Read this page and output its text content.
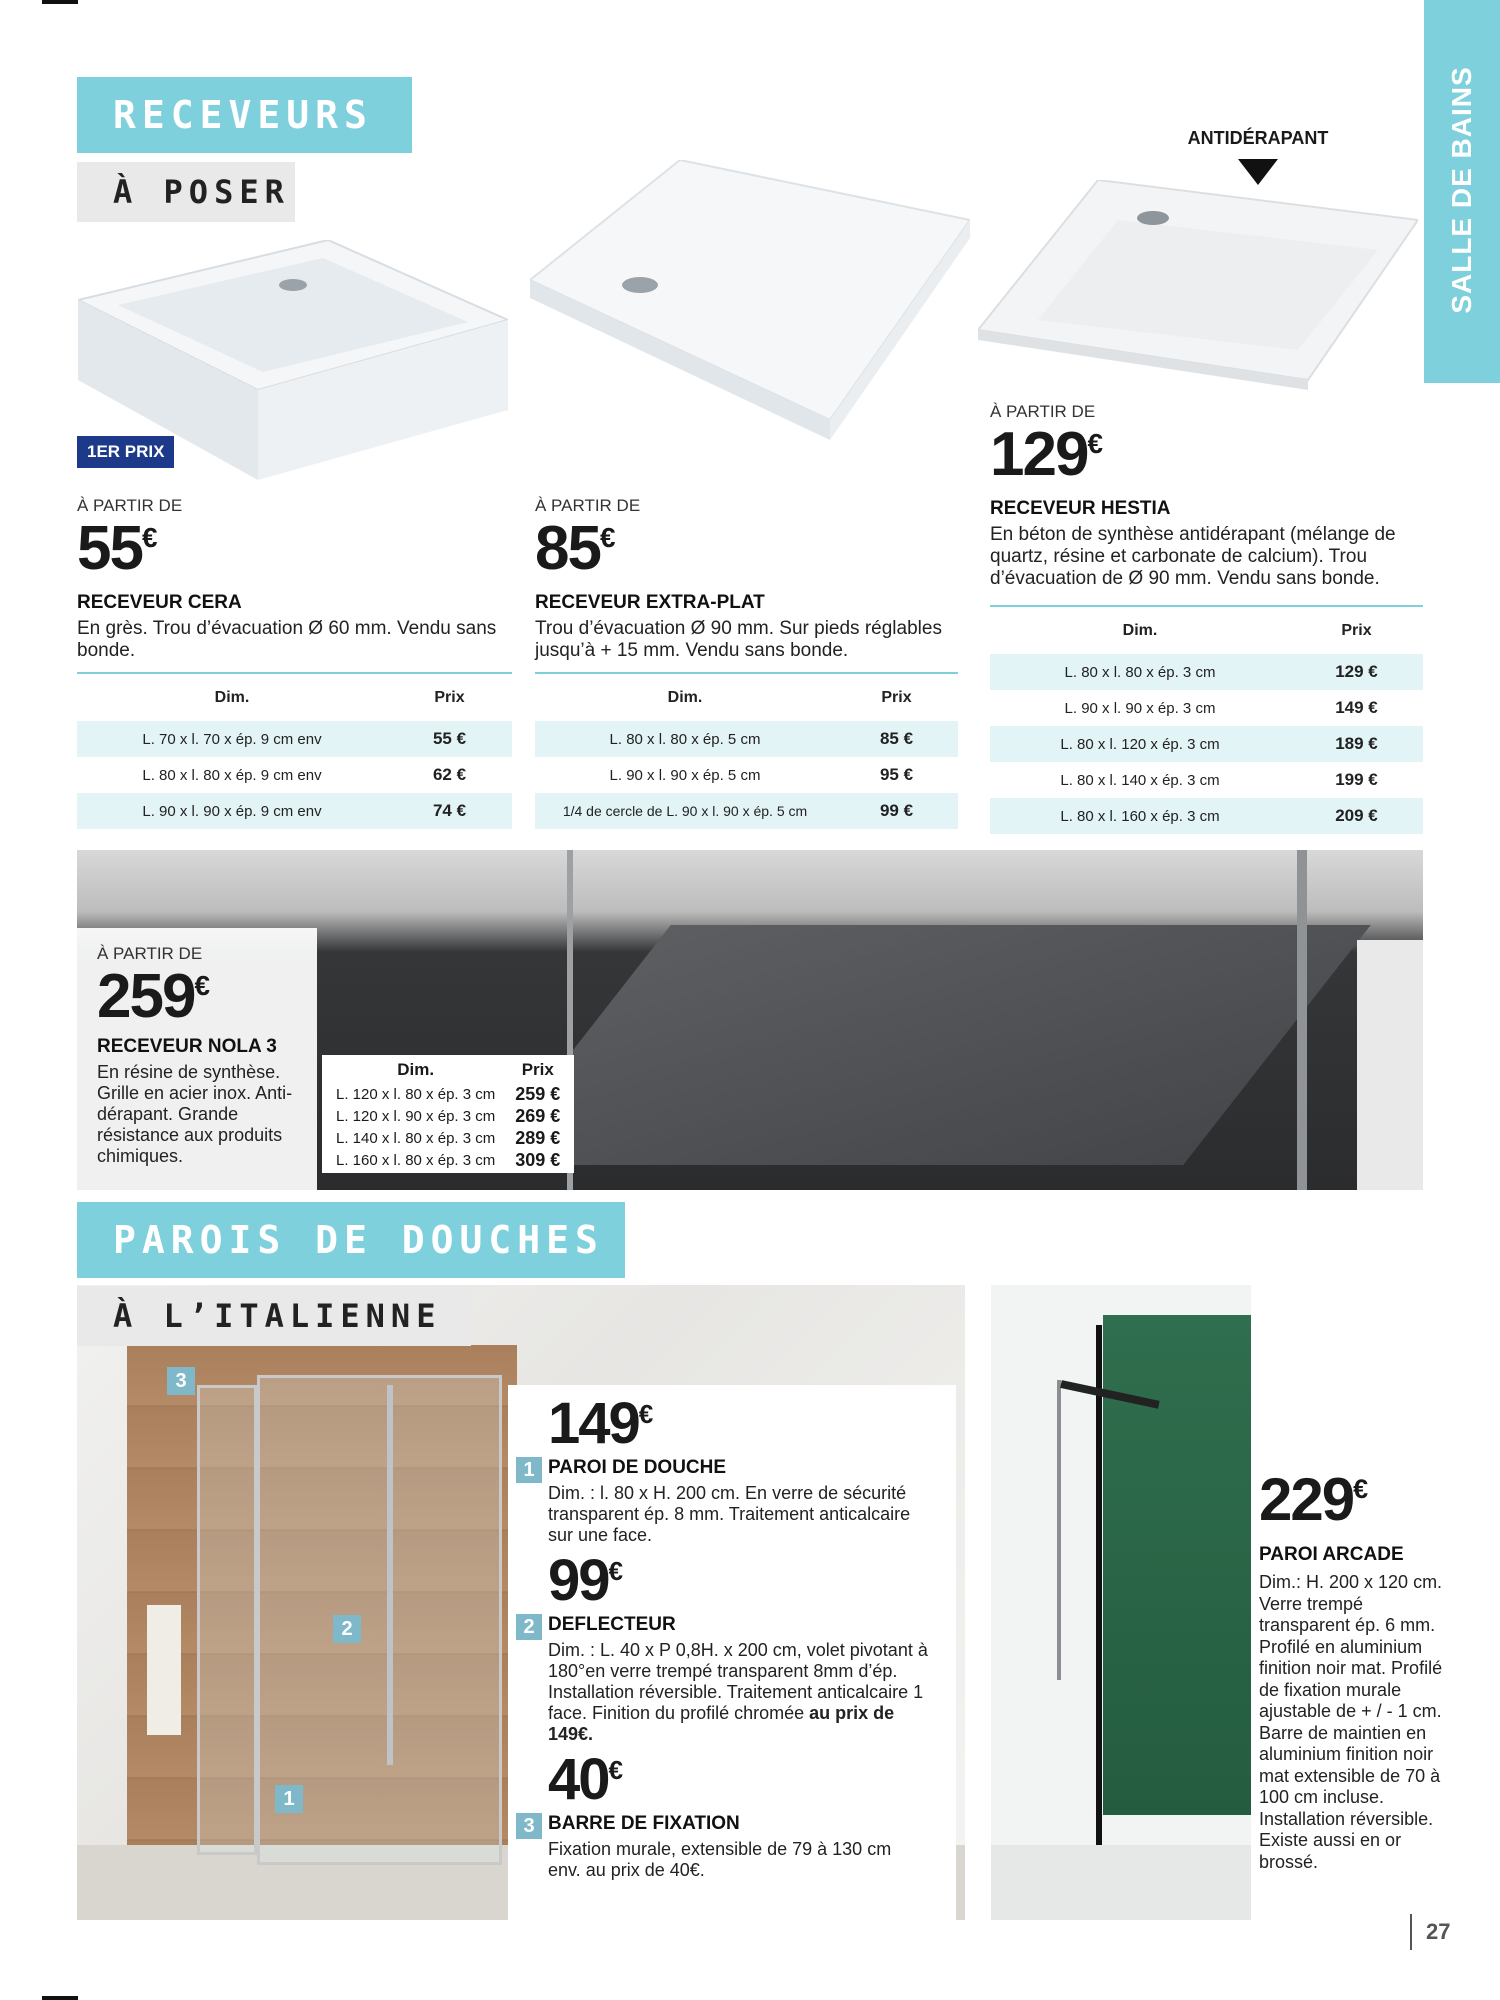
SALLE DE BAINS
RECEVEURS
À POSER
ANTIDÉRAPANT
1ER PRIX
À PARTIR DE
55€
RECEVEUR CERA
En grès. Trou d’évacuation Ø 60 mm. Vendu sans bonde.
Dim.	Prix
L. 70 x l. 70 x ép. 9 cm env	55 €
L. 80 x l. 80 x ép. 9 cm env	62 €
L. 90 x l. 90 x ép. 9 cm env	74 €
À PARTIR DE
85€
RECEVEUR EXTRA-PLAT
Trou d’évacuation Ø 90 mm. Sur pieds réglables jusqu’à + 15 mm. Vendu sans bonde.
Dim.	Prix
L. 80 x l. 80 x ép. 5 cm	85 €
L. 90 x l. 90 x ép. 5 cm	95 €
1/4 de cercle de L. 90 x l. 90 x ép. 5 cm	99 €
À PARTIR DE
129€
RECEVEUR HESTIA
En béton de synthèse antidérapant (mélange de quartz, résine et carbonate de calcium). Trou d’évacuation de Ø 90 mm. Vendu sans bonde.
Dim.	Prix
L. 80 x l. 80 x ép. 3 cm	129 €
L. 90 x l. 90 x ép. 3 cm	149 €
L. 80 x l. 120 x ép. 3 cm	189 €
L. 80 x l. 140 x ép. 3 cm	199 €
L. 80 x l. 160 x ép. 3 cm	209 €
À PARTIR DE
259€
RECEVEUR NOLA 3
En résine de synthèse. Grille en acier inox. Anti-dérapant. Grande résistance aux produits chimiques.
Dim.	Prix
L. 120 x l. 80 x ép. 3 cm	259 €
L. 120 x l. 90 x ép. 3 cm	269 €
L. 140 x l. 80 x ép. 3 cm	289 €
L. 160 x l. 80 x ép. 3 cm	309 €
PAROIS DE DOUCHES
3
2
1
À L’ITALIENNE
149€
1 PAROI DE DOUCHE
Dim. : l. 80 x H. 200 cm. En verre de sécurité transparent ép. 8 mm. Traitement anticalcaire sur une face.
99€
2 DEFLECTEUR
Dim. : L. 40 x P 0,8H. x 200 cm, volet pivotant à 180°en verre trempé transparent 8mm d’ép. Installation réversible. Traitement anticalcaire 1 face. Finition du profilé chromée au prix de 149€.
40€
3 BARRE DE FIXATION
Fixation murale, extensible de 79 à 130 cm env. au prix de 40€.
229€
PAROI ARCADE
Dim.: H. 200 x 120 cm. Verre trempé transparent ép. 6 mm. Profilé en aluminium finition noir mat. Profilé de fixation murale ajustable de + / - 1 cm. Barre de maintien en aluminium finition noir mat extensible de 70 à 100 cm incluse. Installation réversible. Existe aussi en or brossé.
27
